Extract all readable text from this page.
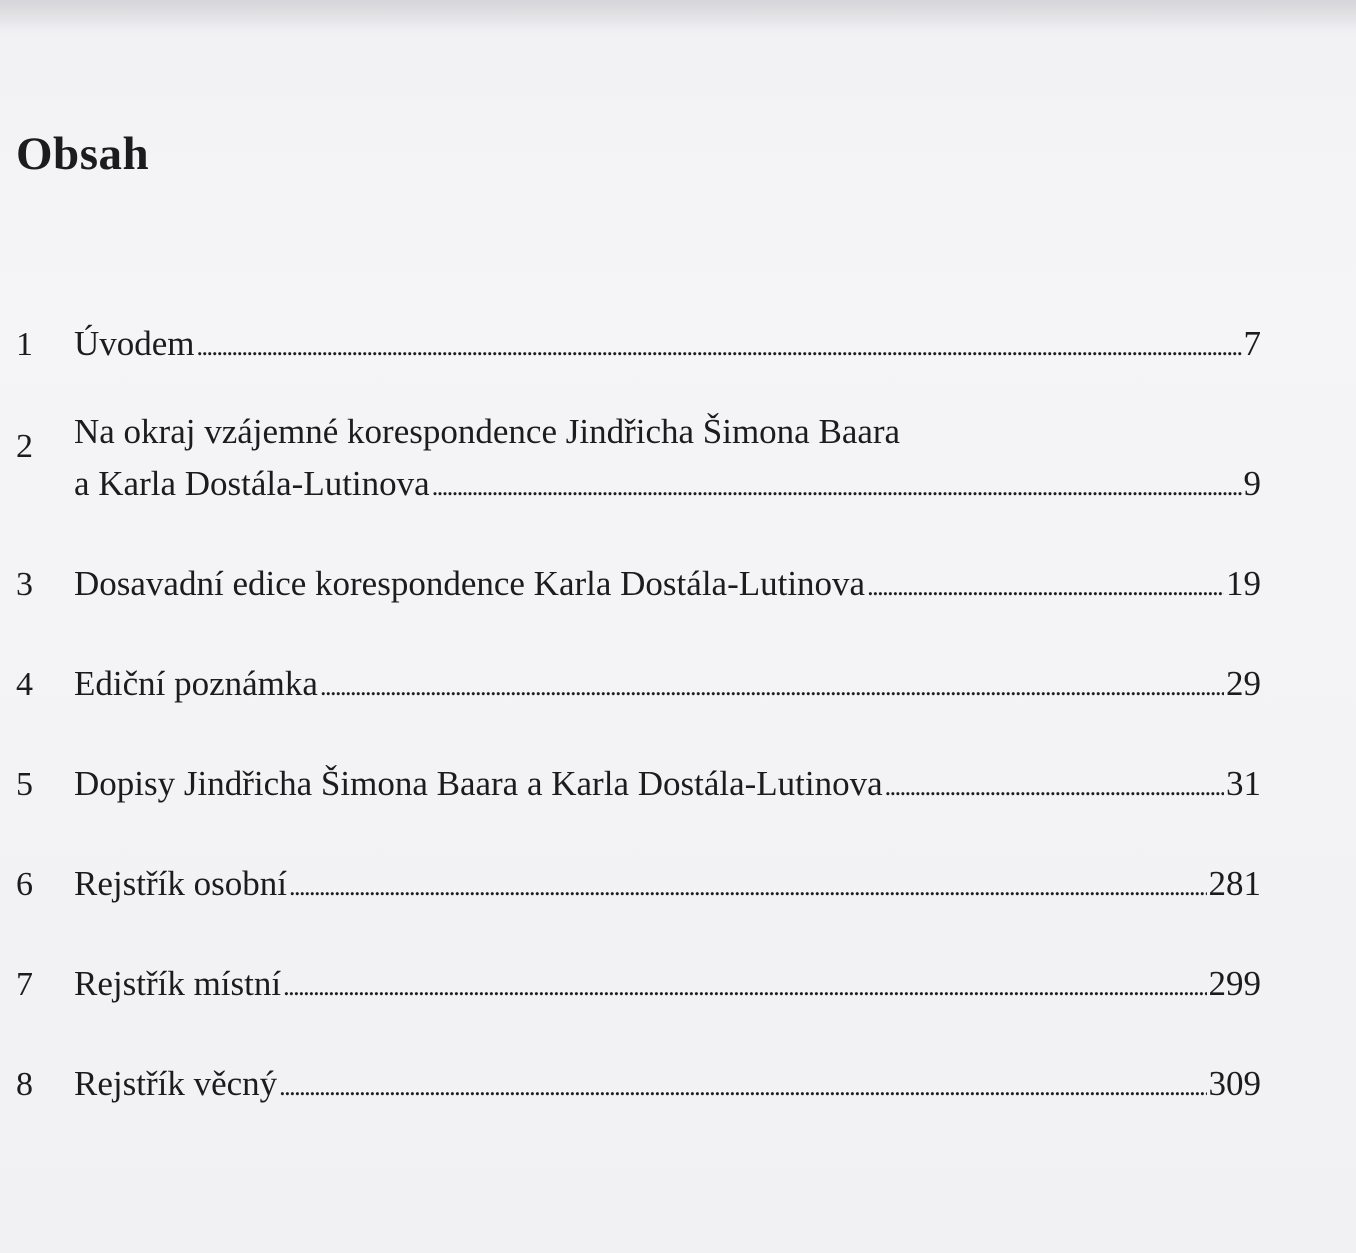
Obsah
1 Úvodem . . .	7
2 Na okraj vzájemné korespondence Jindřicha Šimona Baara
a Karla Dostála-Lutinova . . .	9
3 Dosavadní edice korespondence Karla Dostála-Lutinova . . .	19
4 Ediční poznámka . . .	29
5 Dopisy Jindřicha Šimona Baara a Karla Dostála-Lutinova . . .	31
6 Rejstřík osobní . . .	281
7 Rejstřík místní . . .	299
8 Rejstřík věcný . . .	309
